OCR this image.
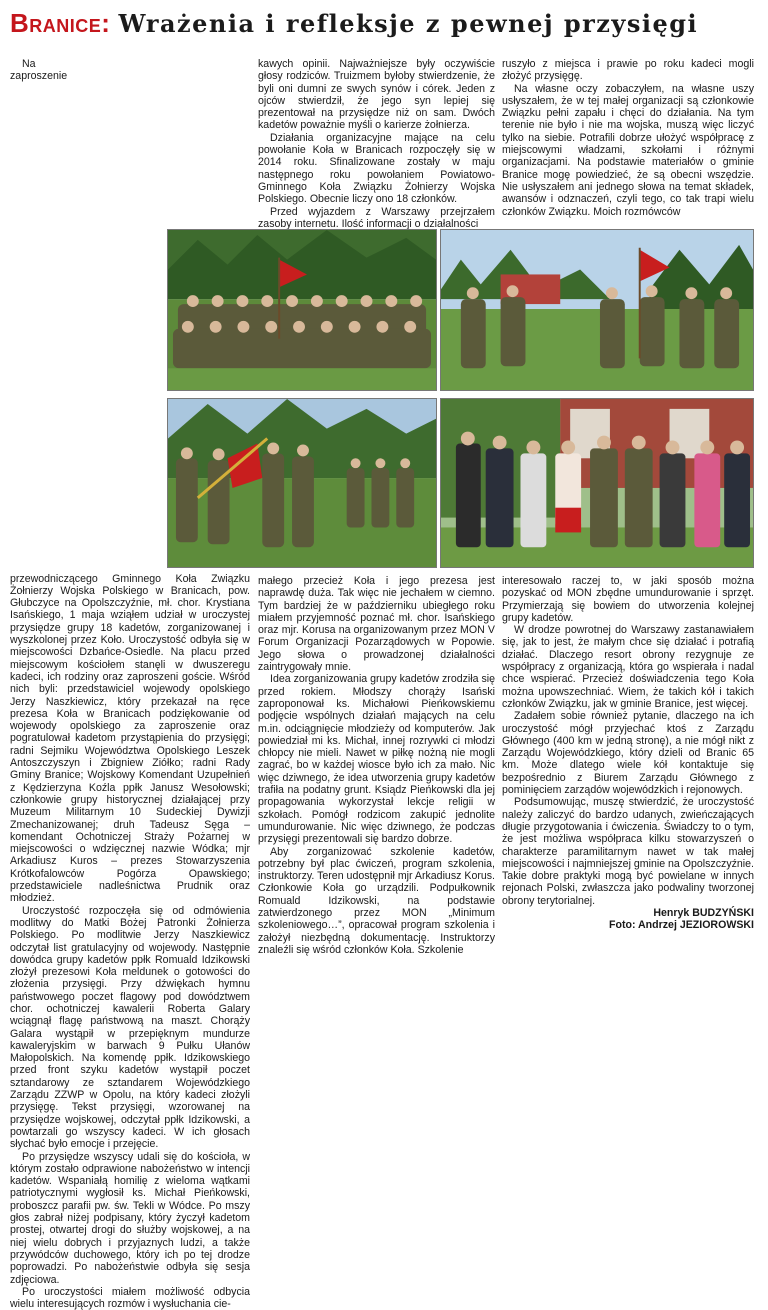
Branice: Wrażenia i refleksje z pewnej przysięgi

Na zaproszenie przewodniczącego Gminnego Koła Związku Żołnierzy Wojska Polskiego w Branicach, pow. Głubczyce na Opolszczyźnie, mł. chor. Krystiana Isańskiego, 1 maja wziąłem udział w uroczystej przysiędze grupy 18 kadetów, zorganizowanej i wyszkolonej przez Koło. Uroczystość odbyła się w miejscowości Dzbańce-Osiedle. Na placu przed miejscowym kościołem stanęli w dwuszeregu kadeci, ich rodziny oraz zaproszeni goście. Wśród nich byli: przedstawiciel wojewody opolskiego Jerzy Naszkiewicz, który przekazał na ręce prezesa Koła w Branicach podziękowanie od wojewody opolskiego za zaproszenie oraz pogratulował kadetom przystąpienia do przysięgi; radni Sejmiku Województwa Opolskiego Leszek Antoszczyszyn i Zbigniew Ziółko; radni Rady Gminy Branice; Wojskowy Komendant Uzupełnień z Kędzierzyna Koźla ppłk Janusz Wesołowski; członkowie grupy historycznej działającej przy Muzeum Militarnym 10 Sudeckiej Dywizji Zmechanizowanej; druh Tadeusz Sęga – komendant Ochotniczej Straży Pożarnej w miejscowości o wdzięcznej nazwie Wódka; mjr Arkadiusz Kuros – prezes Stowarzyszenia Krótkofalowców Pogórza Opawskiego; przedstawiciele nadleśnictwa Prudnik oraz młodzież.

Uroczystość rozpoczęła się od odmówienia modlitwy do Matki Bożej Patronki Żołnierza Polskiego. Po modlitwie Jerzy Naszkiewicz odczytał list gratulacyjny od wojewody. Następnie dowódca grupy kadetów ppłk Romuald Idzikowski złożył prezesowi Koła meldunek o gotowości do złożenia przysięgi. Przy dźwiękach hymnu państwowego poczet flagowy pod dowództwem chor. ochotniczej kawalerii Roberta Galary wciągnął flagę państwową na maszt. Chorąży Galara wystąpił w przepięknym mundurze kawaleryjskim w barwach 9 Pułku Ułanów Małopolskich. Na komendę ppłk. Idzikowskiego przed front szyku kadetów wystąpił poczet sztandarowy ze sztandarem Wojewódzkiego Zarządu ZZWP w Opolu, na który kadeci złożyli przysięgę. Tekst przysięgi, wzorowanej na przysiędze wojskowej, odczytał ppłk Idzikowski, a powtarzali go wszyscy kadeci. W ich głosach słychać było emocje i przejęcie.

Po przysiędze wszyscy udali się do kościoła, w którym zostało odprawione nabożeństwo w intencji kadetów. Wspaniałą homilię z wieloma wątkami patriotycznymi wygłosił ks. Michał Pieńkowski, proboszcz parafii pw. św. Tekli w Wódce. Po mszy głos zabrał niżej podpisany, który życzył kadetom prostej, otwartej drogi do służby wojskowej, a na niej wielu dobrych i przyjaznych ludzi, a także przywódców duchowego, który ich po tej drodze poprowadzi. Po nabożeństwie odbyła się sesja zdjęciowa.

Po uroczystości miałem możliwość odbycia wielu interesujących rozmów i wysłuchania cie-

kawych opinii. Najważniejsze były oczywiście głosy rodziców. Truizmem byłoby stwierdzenie, że byli oni dumni ze swych synów i córek. Jeden z ojców stwierdził, że jego syn lepiej się prezentował na przysiędze niż on sam. Dwóch kadetów poważnie myśli o karierze żołnierza.

Działania organizacyjne mające na celu powołanie Koła w Branicach rozpoczęły się w 2014 roku. Sfinalizowane zostały w maju następnego roku powołaniem Powiatowo-Gminnego Koła Związku Żołnierzy Wojska Polskiego. Obecnie liczy ono 18 członków.

Przed wyjazdem z Warszawy przejrzałem zasoby internetu. Ilość informacji o działalności

ruszyło z miejsca i prawie po roku kadeci mogli złożyć przysięgę.

Na własne oczy zobaczyłem, na własne uszy usłyszałem, że w tej małej organizacji są członkowie Związku pełni zapału i chęci do działania. Na tym terenie nie było i nie ma wojska, muszą więc liczyć tylko na siebie. Potrafili dobrze ułożyć współpracę z miejscowymi władzami, szkołami i różnymi organizacjami. Na podstawie materiałów o gminie Branice mogę powiedzieć, że są obecni wszędzie. Nie usłyszałem ani jednego słowa na temat składek, awansów i odznaczeń, czyli tego, co tak trapi wielu członków Związku. Moich rozmówców

małego przecież Koła i jego prezesa jest naprawdę duża. Tak więc nie jechałem w ciemno. Tym bardziej że w październiku ubiegłego roku miałem przyjemność poznać mł. chor. Isańskiego oraz mjr. Korusa na organizowanym przez MON V Forum Organizacji Pozarządowych w Popowie. Jego słowa o prowadzonej działalności zaintrygowały mnie.

Idea zorganizowania grupy kadetów zrodziła się przed rokiem. Młodszy chorąży Isański zaproponował ks. Michałowi Pieńkowskiemu podjęcie wspólnych działań mających na celu m.in. odciągnięcie młodzieży od komputerów. Jak powiedział mi ks. Michał, innej rozrywki ci młodzi chłopcy nie mieli. Nawet w piłkę nożną nie mogli zagrać, bo w każdej wiosce było ich za mało. Nic więc dziwnego, że idea utworzenia grupy kadetów trafiła na podatny grunt. Ksiądz Pieńkowski dla jej propagowania wykorzystał lekcje religii w szkołach. Pomógł rodzicom zakupić jednolite umundurowanie. Nic więc dziwnego, że podczas przysięgi prezentowali się bardzo dobrze.

Aby zorganizować szkolenie kadetów, potrzebny był plac ćwiczeń, program szkolenia, instruktorzy. Teren udostępnił mjr Arkadiusz Korus. Członkowie Koła go urządzili. Podpułkownik Romuald Idzikowski, na podstawie zatwierdzonego przez MON „Minimum szkoleniowego…”, opracował program szkolenia i założył niezbędną dokumentację. Instruktorzy znaleźli się wśród członków Koła. Szkolenie

interesowało raczej to, w jaki sposób można pozyskać od MON zbędne umundurowanie i sprzęt. Przymierzają się bowiem do utworzenia kolejnej grupy kadetów.

W drodze powrotnej do Warszawy zastanawiałem się, jak to jest, że małym chce się działać i potrafią działać. Dlaczego resort obrony rezygnuje ze współpracy z organizacją, która go wspierała i nadal chce wspierać. Przecież doświadczenia tego Koła można upowszechniać. Wiem, że takich kół i takich członków Związku, jak w gminie Branice, jest więcej.

Zadałem sobie również pytanie, dlaczego na ich uroczystość mógł przyjechać ktoś z Zarządu Głównego (400 km w jedną stronę), a nie mógł nikt z Zarządu Wojewódzkiego, który dzieli od Branic 65 km. Może dlatego wiele kół kontaktuje się bezpośrednio z Biurem Zarządu Głównego z pominięciem zarządów wojewódzkich i rejonowych.

Podsumowując, muszę stwierdzić, że uroczystość należy zaliczyć do bardzo udanych, zwieńczających długie przygotowania i ćwiczenia. Świadczy to o tym, że jest możliwa współpraca kilku stowarzyszeń o charakterze paramilitarnym nawet w tak małej miejscowości i najmniejszej gminie na Opolszczyźnie. Takie dobre praktyki mogą być powielane w innych rejonach Polski, zwłaszcza jako podwaliny tworzonej obrony terytorialnej.

Henryk BUDZYŃSKI

Foto: Andrzej JEZIOROWSKI
